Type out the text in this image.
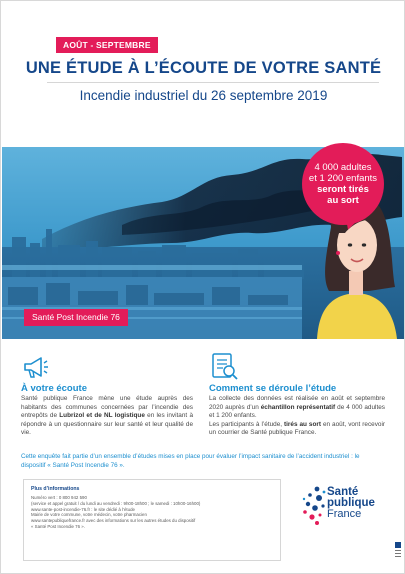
AOÛT - SEPTEMBRE
UNE ÉTUDE À L’ÉCOUTE DE VOTRE SANTÉ
Incendie industriel du 26 septembre 2019
Santé Post Incendie 76
4 000 adultes
et 1 200 enfants
seront tirés
au sort
À votre écoute
Santé publique France mène une étude auprès des habitants des communes concernées par l’incendie des entrepôts de Lubrizol et de NL logistique en les invitant à répondre à un questionnaire sur leur santé et leur qualité de vie.
Comment se déroule l’étude
La collecte des données est réalisée en août et septembre 2020 auprès d’un échantillon représentatif de 4 000 adultes et 1 200 enfants.
Les participants à l’étude, tirés au sort en août, vont recevoir un courrier de Santé publique France.
Cette enquête fait partie d’un ensemble d’études mises en place pour évaluer l’impact sanitaire de l’accident industriel : le dispositif « Santé Post Incendie 76 ».
Plus d’informations
Numéro vert : 0 800 942 590
(service et appel gratuit / du lundi au vendredi : 9h00-18h00 ; le samedi : 10h00-16h00)
www.sante-post-incendie-76.fr : le site dédié à l’étude
Mairie de votre commune, votre médecin, votre pharmacien
www.santepubliquefrance.fr avec des informations sur les autres études du dispositif
« Santé Post Incendie 76 ».
Santé
publique
France
